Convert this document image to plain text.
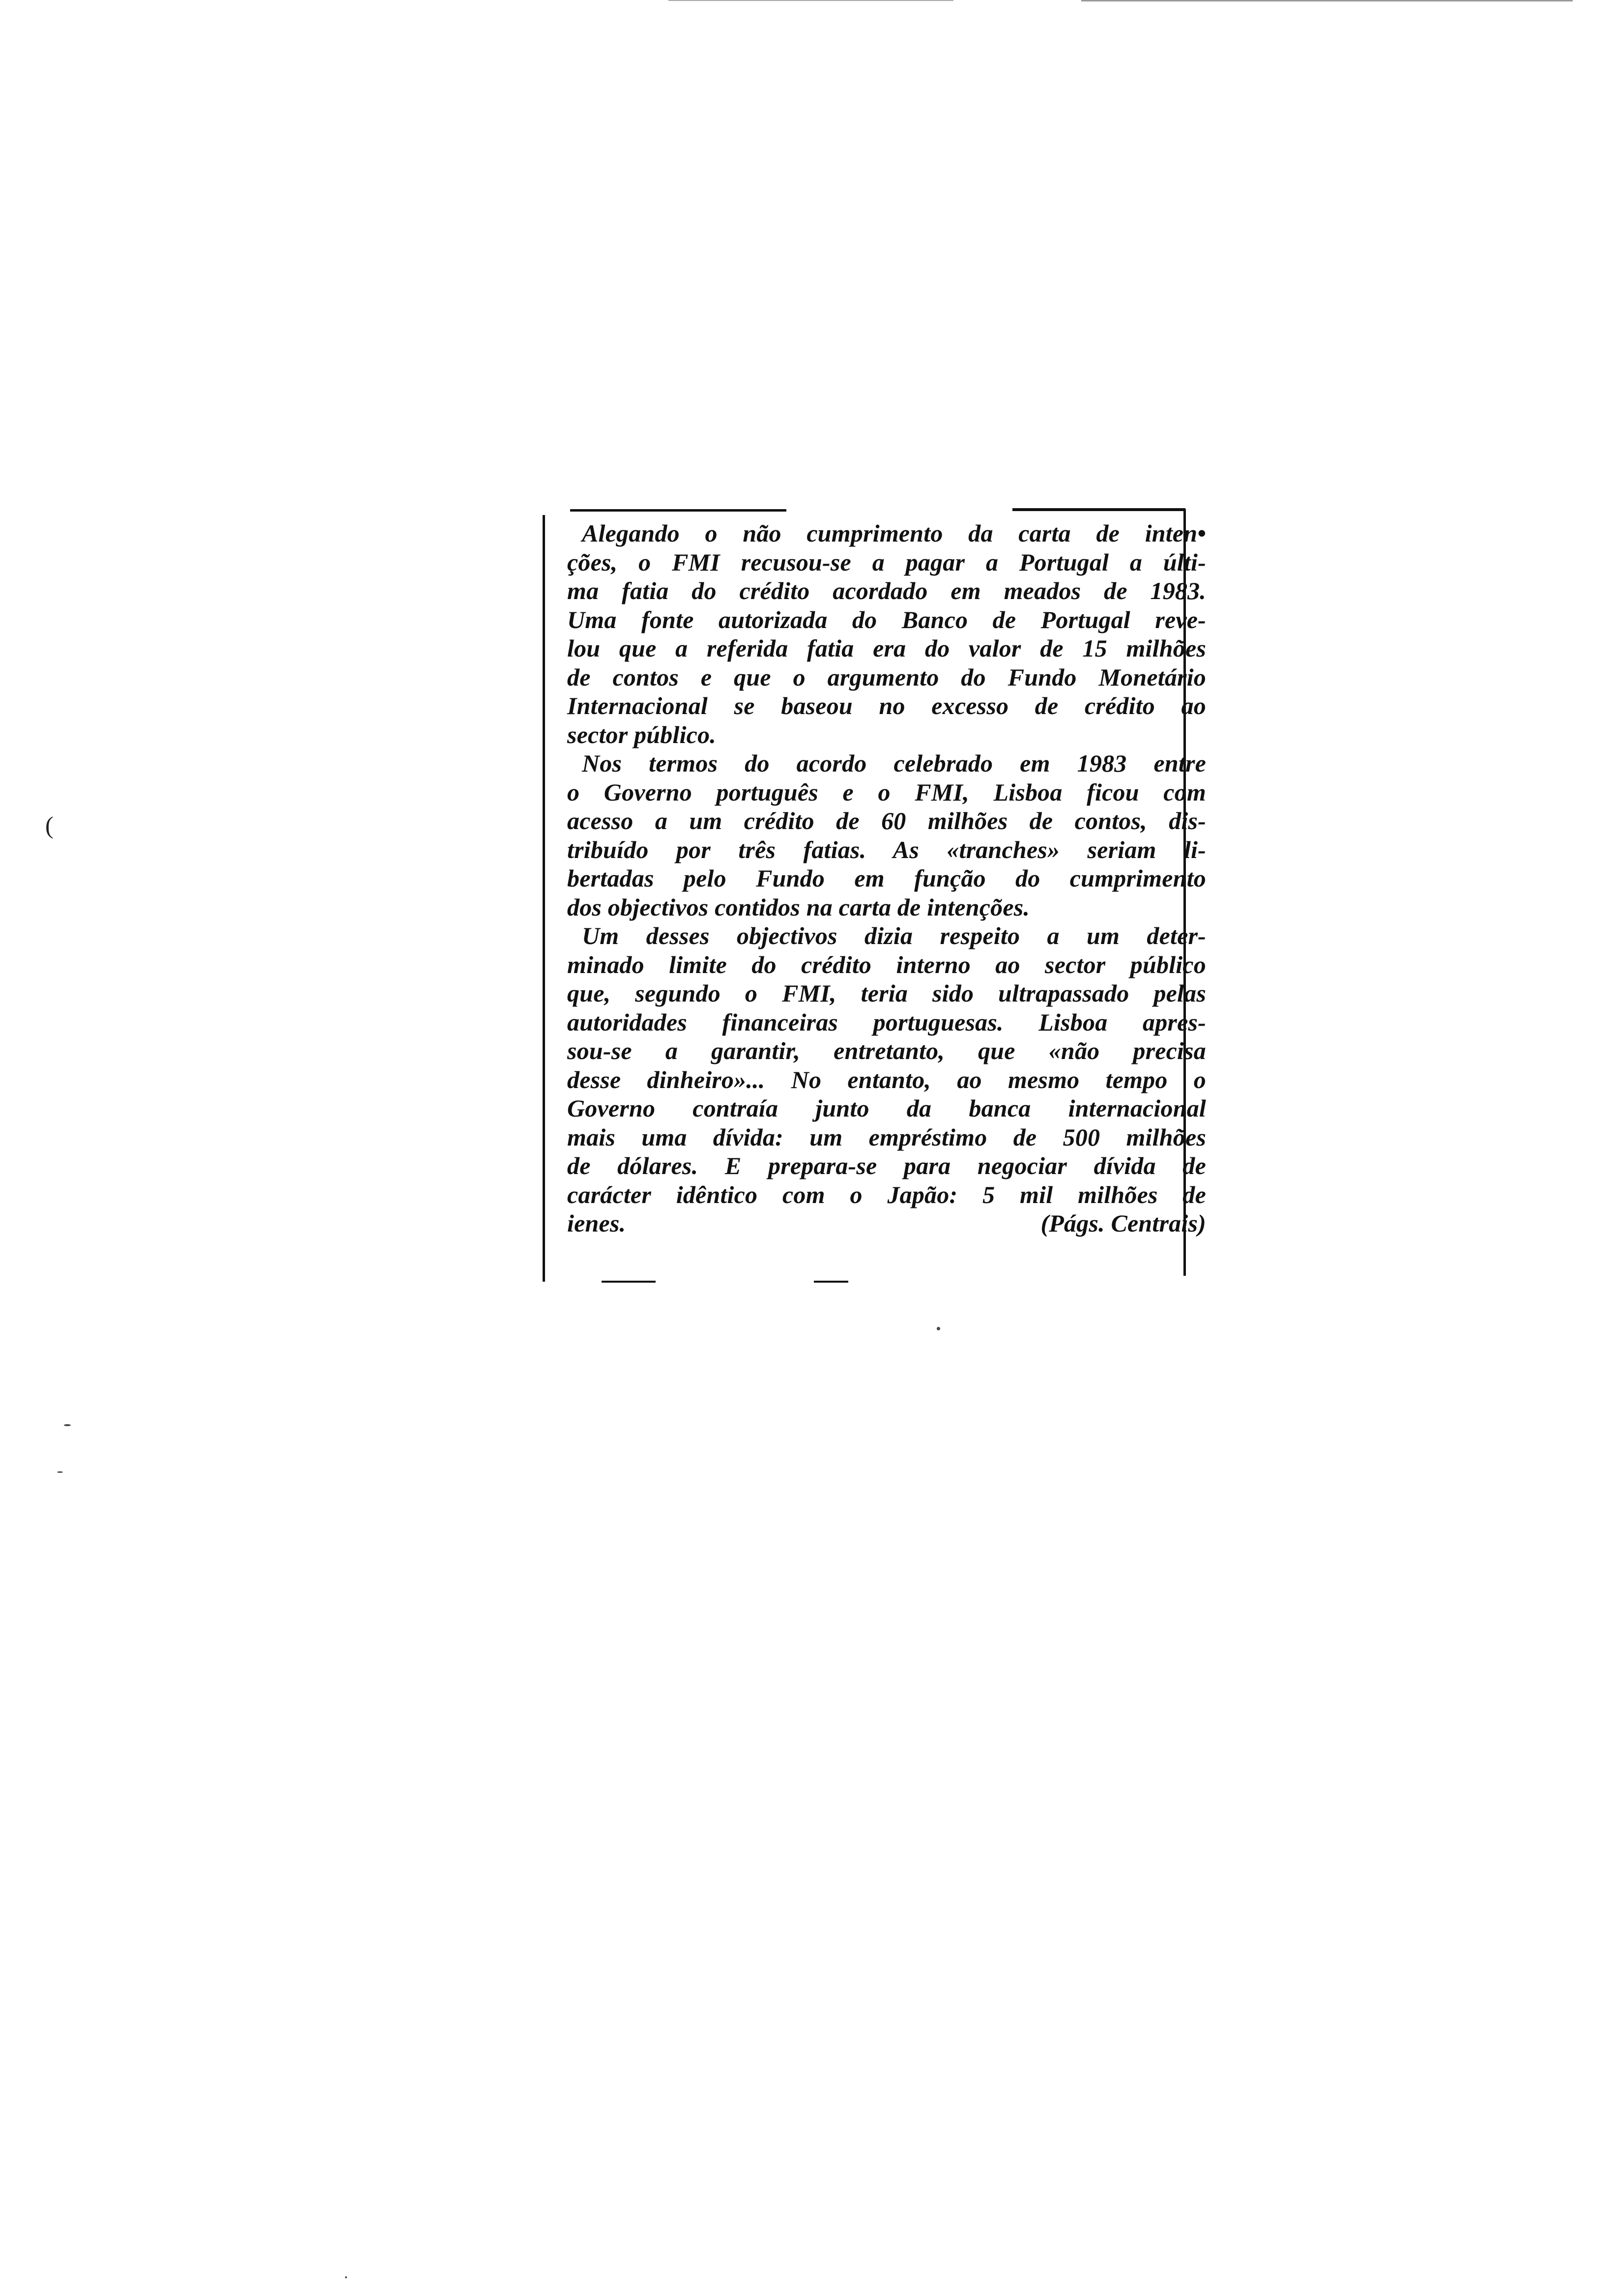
Alegando o não cumprimento da carta de inten•
ções, o FMI recusou-se a pagar a Portugal a últi-
ma fatia do crédito acordado em meados de 1983.
Uma fonte autorizada do Banco de Portugal reve-
lou que a referida fatia era do valor de 15 milhões
de contos e que o argumento do Fundo Monetário
Internacional se baseou no excesso de crédito ao
sector público.
Nos termos do acordo celebrado em 1983 entre
o Governo português e o FMI, Lisboa ficou com
acesso a um crédito de 60 milhões de contos, dis-
tribuído por três fatias. As «tranches» seriam li-
bertadas pelo Fundo em função do cumprimento
dos objectivos contidos na carta de intenções.
Um desses objectivos dizia respeito a um deter-
minado limite do crédito interno ao sector público
que, segundo o FMI, teria sido ultrapassado pelas
autoridades financeiras portuguesas. Lisboa apres-
sou-se a garantir, entretanto, que «não precisa
desse dinheiro»... No entanto, ao mesmo tempo o
Governo contraía junto da banca internacional
mais uma dívida: um empréstimo de 500 milhões
de dólares. E prepara-se para negociar dívida de
carácter idêntico com o Japão: 5 mil milhões de
ienes.	(Págs. Centrais)
(
